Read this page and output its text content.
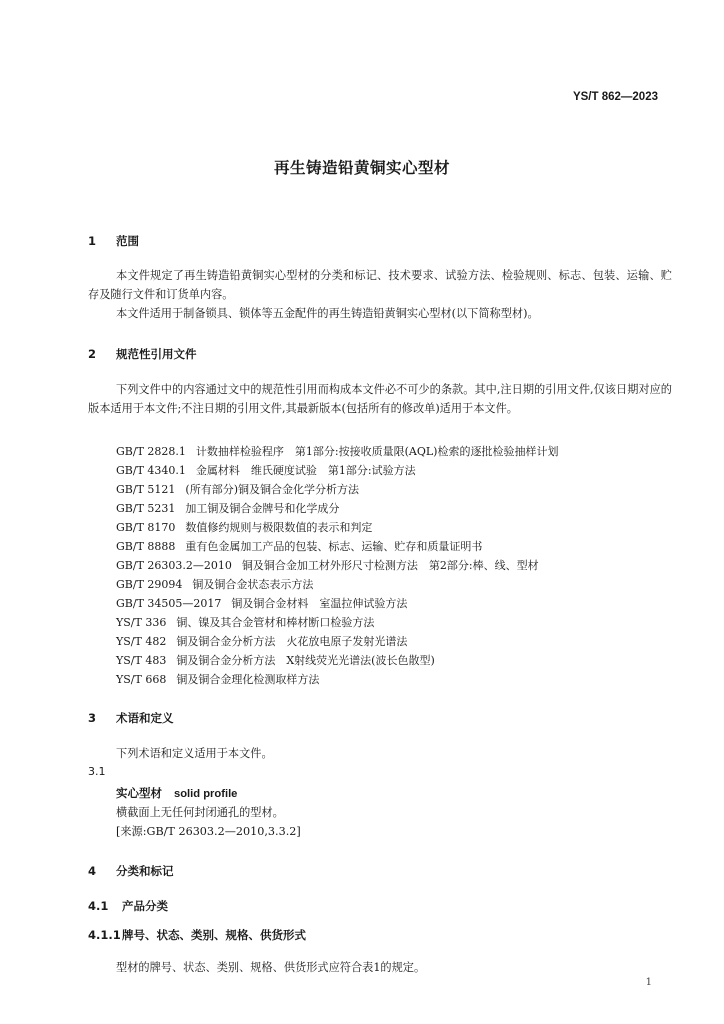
YS/T 862—2023
再生铸造铅黄铜实心型材
1 范围
本文件规定了再生铸造铅黄铜实心型材的分类和标记、技术要求、试验方法、检验规则、标志、包装、运输、贮存及随行文件和订货单内容。
本文件适用于制备锁具、锁体等五金配件的再生铸造铅黄铜实心型材(以下简称型材)。
2 规范性引用文件
下列文件中的内容通过文中的规范性引用而构成本文件必不可少的条款。其中,注日期的引用文件,仅该日期对应的版本适用于本文件;不注日期的引用文件,其最新版本(包括所有的修改单)适用于本文件。
GB/T 2828.1 计数抽样检验程序　第1部分:按接收质量限(AQL)检索的逐批检验抽样计划
GB/T 4340.1 金属材料　维氏硬度试验　第1部分:试验方法
GB/T 5121 (所有部分)铜及铜合金化学分析方法
GB/T 5231 加工铜及铜合金牌号和化学成分
GB/T 8170 数值修约规则与极限数值的表示和判定
GB/T 8888 重有色金属加工产品的包装、标志、运输、贮存和质量证明书
GB/T 26303.2—2010 铜及铜合金加工材外形尺寸检测方法　第2部分:棒、线、型材
GB/T 29094 铜及铜合金状态表示方法
GB/T 34505—2017 铜及铜合金材料　室温拉伸试验方法
YS/T 336 铜、镍及其合金管材和棒材断口检验方法
YS/T 482 铜及铜合金分析方法　火花放电原子发射光谱法
YS/T 483 铜及铜合金分析方法　X射线荧光光谱法(波长色散型)
YS/T 668 铜及铜合金理化检测取样方法
3 术语和定义
下列术语和定义适用于本文件。
3.1
实心型材 solid profile
横截面上无任何封闭通孔的型材。
[来源:GB/T 26303.2—2010,3.3.2]
4 分类和标记
4.1 产品分类
4.1.1牌号、状态、类别、规格、供货形式
型材的牌号、状态、类别、规格、供货形式应符合表1的规定。
1
